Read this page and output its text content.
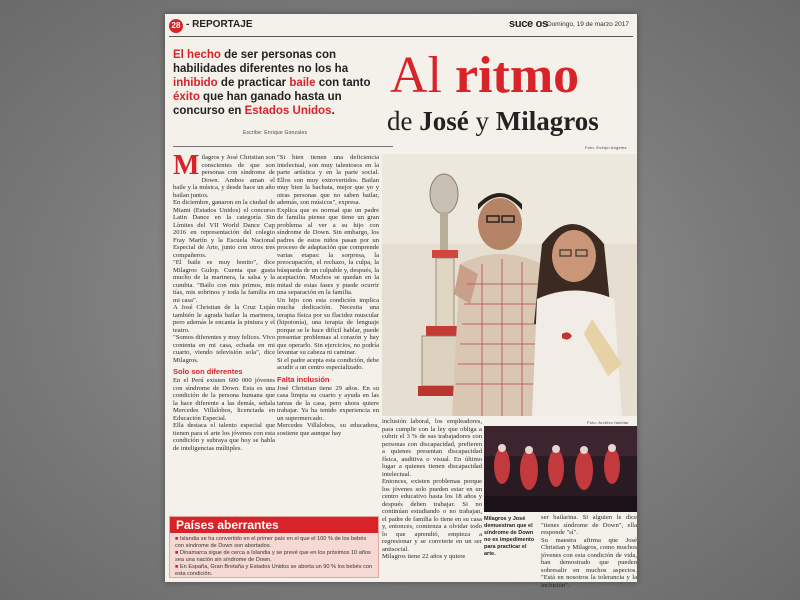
28 - REPORTAJE	suce os Domingo, 19 de marzo 2017
El hecho de ser personas con habilidades diferentes no los ha inhibido de practicar baile con tanto éxito que han ganado hasta un concurso en Estados Unidos.
Escribe: Enrique Gonzales
Al ritmo
de José y Milagros
Foto: Evelyn Angeles
M ilagros y José Christian son conscientes de que son personas con síndrome de Down. Ambos aman el baile y la música, y desde hace un año bailan juntos.

En diciembre, ganaron en la ciudad de Miami (Estados Unidos) el concurso Latin Dance en la categoría Sin Límites del VII World Dance Cup 2016 en representación del colegio Fray Martín y la Escuela Nacional Especial de Arte, junto con otros tres compañeros.

"El baile es muy bonito", dice Milagros Gulop. Cuenta que gusta mucho de la marinera, la salsa y la cumbia. "Bailo con mis primos, mis tías, mis sobrinos y toda la familia en mi casa".

A José Christian de la Cruz Luján también le agrada bailar la marinera, pero además le encanta la pintura y el teatro.

"Somos diferentes y muy felices. Vivo contenta en mi casa, echada en mi cuarto, viendo televisión sola", dice Milagros.

Solo son diferentes

En el Perú existen 600 000 jóvenes con síndrome de Down. Esta es una condición de la persona humana que la hace diferente a las demás, señala Mercedes Villalobos, licenciada en Educación Especial.

Ella destaca el talento especial que tienen para el arte los jóvenes con esta condición y subraya que hoy se habla de inteligencias múltiples.

"Si bien tienen una deficiencia intelectual, son muy talentosos en la parte artística y en la parte social. Ellos son muy extrovertidos. Bailan muy bien la bachata, mejor que yo y otras personas que no saben bailar, además, son músicos", expresa.

Explica que es normal que un padre de familia piense que tiene un gran problema al ver a su hijo con síndrome de Down. Sin embargo, los padres de estos niños pasan por un proceso de adaptación que comprende varias etapas: la sorpresa, la preocupación, el rechazo, la culpa, la búsqueda de un culpable y, después, la aceptación. Muchos se quedan en la mitad de estas fases y puede ocurrir una separación en la familia.

Un hijo con esta condición implica mucha dedicación. Necesita una terapia física por su flacidez muscular (hipotonía), una terapia de lenguaje porque se le hace difícil hablar, puede presentar problemas al corazón y hay que operarlo. Sin ejercicios, no podría levantar su cabeza ni caminar.

Si el padre acepta esta condición, debe acudir a un centro especializado.

Falta inclusión

José Christian tiene 29 años. En su casa limpia su cuarto y ayuda en las tareas de la casa, pero ahora quiere trabajar. Ya ha tenido experiencia en un supermercado.

Mercedes Villalobos, su educadora, sostiene que aunque hay

inclusión laboral, los empleadores, para cumplir con la ley que obliga a cubrir el 3 % de sus trabajadores con personas con discapacidad, prefieren a quienes presentan discapacidad física, auditiva o visual. En último lugar a quienes tienen discapacidad intelectual.

Entonces, existen problemas porque los jóvenes solo pueden estar en un centro educativo hasta los 18 años y después deben trabajar. Si no continúan estudiando o no trabajan, el padre de familia lo tiene en su casa y, entonces, comienza a olvidar todo lo que aprendió, empieza a regresionar y se convierte en un ser antisocial.

Milagros tiene 22 años y quiere

Foto: Archivo familiar
Milagros y José demuestran que el síndrome de Down no es impedimento para practicar el arte.

ser bailarina. Si alguien le dice "tienes síndrome de Down", ella responde "sí".

Su maestra afirma que José Christian y Milagros, como muchos jóvenes con esta condición de vida, han demostrado que pueden sobresalir en muchos aspectos. "Está en nosotros la tolerancia y la inclusión".

Países aberrantes
■ Islandia se ha convertido en el primer país en el que el 100 % de los bebés con síndrome de Down son abortados.
■ Dinamarca sigue de cerca a Islandia y se prevé que en los próximos 10 años sea una nación sin síndrome de Down.
■ En España, Gran Bretaña y Estados Unidos se aborta un 90 % los bebés con esta condición.
